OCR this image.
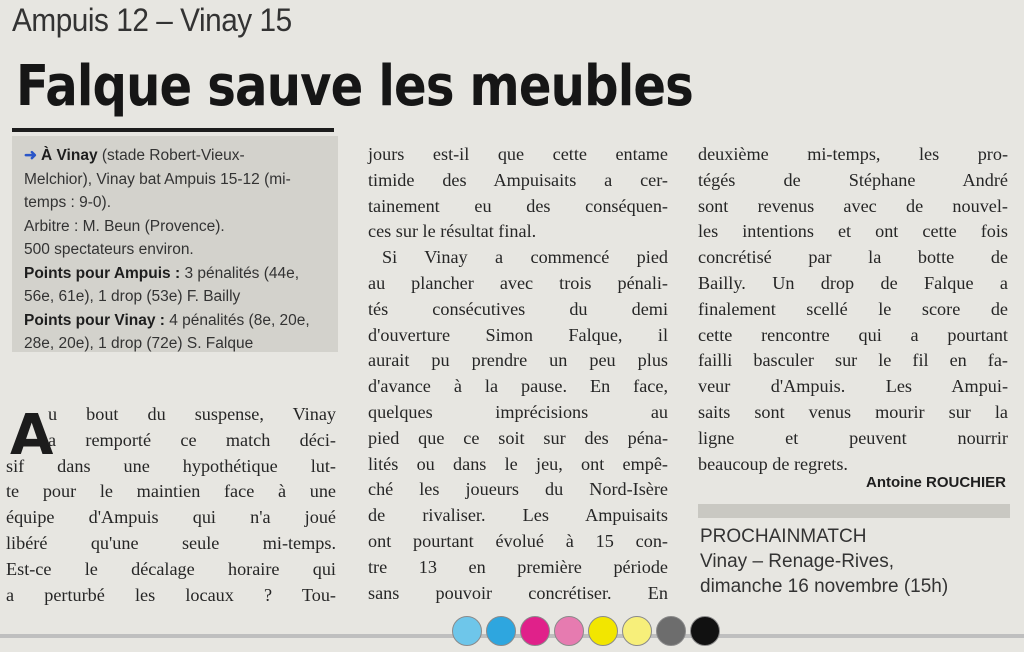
Ampuis 12 – Vinay 15
Falque sauve les meubles
➜ À Vinay (stade Robert-Vieux-
Melchior), Vinay bat Ampuis 15-12 (mi-
temps : 9-0).
Arbitre : M. Beun (Provence).
500 spectateurs environ.
Points pour Ampuis : 3 pénalités (44e,
56e, 61e), 1 drop (53e) F. Bailly
Points pour Vinay : 4 pénalités (8e, 20e,
28e, 20e), 1 drop (72e) S. Falque
A
u bout du suspense, Vinay
a remporté ce match déci-
sif dans une hypothétique lut-
te pour le maintien face à une
équipe d'Ampuis qui n'a joué
libéré qu'une seule mi-temps.
Est-ce le décalage horaire qui
a perturbé les locaux ? Tou-
jours est-il que cette entame
timide des Ampuisaits a cer-
tainement eu des conséquen-
ces sur le résultat final.
Si Vinay a commencé pied
au plancher avec trois pénali-
tés consécutives du demi
d'ouverture Simon Falque, il
aurait pu prendre un peu plus
d'avance à la pause. En face,
quelques imprécisions au
pied que ce soit sur des péna-
lités ou dans le jeu, ont empê-
ché les joueurs du Nord-Isère
de rivaliser. Les Ampuisaits
ont pourtant évolué à 15 con-
tre 13 en première période
sans pouvoir concrétiser. En
deuxième mi-temps, les pro-
tégés de Stéphane André
sont revenus avec de nouvel-
les intentions et ont cette fois
concrétisé par la botte de
Bailly. Un drop de Falque a
finalement scellé le score de
cette rencontre qui a pourtant
failli basculer sur le fil en fa-
veur d'Ampuis. Les Ampui-
saits sont venus mourir sur la
ligne et peuvent nourrir
beaucoup de regrets.
Antoine ROUCHIER
PROCHAINMATCH
Vinay – Renage-Rives,
dimanche 16 novembre (15h)
